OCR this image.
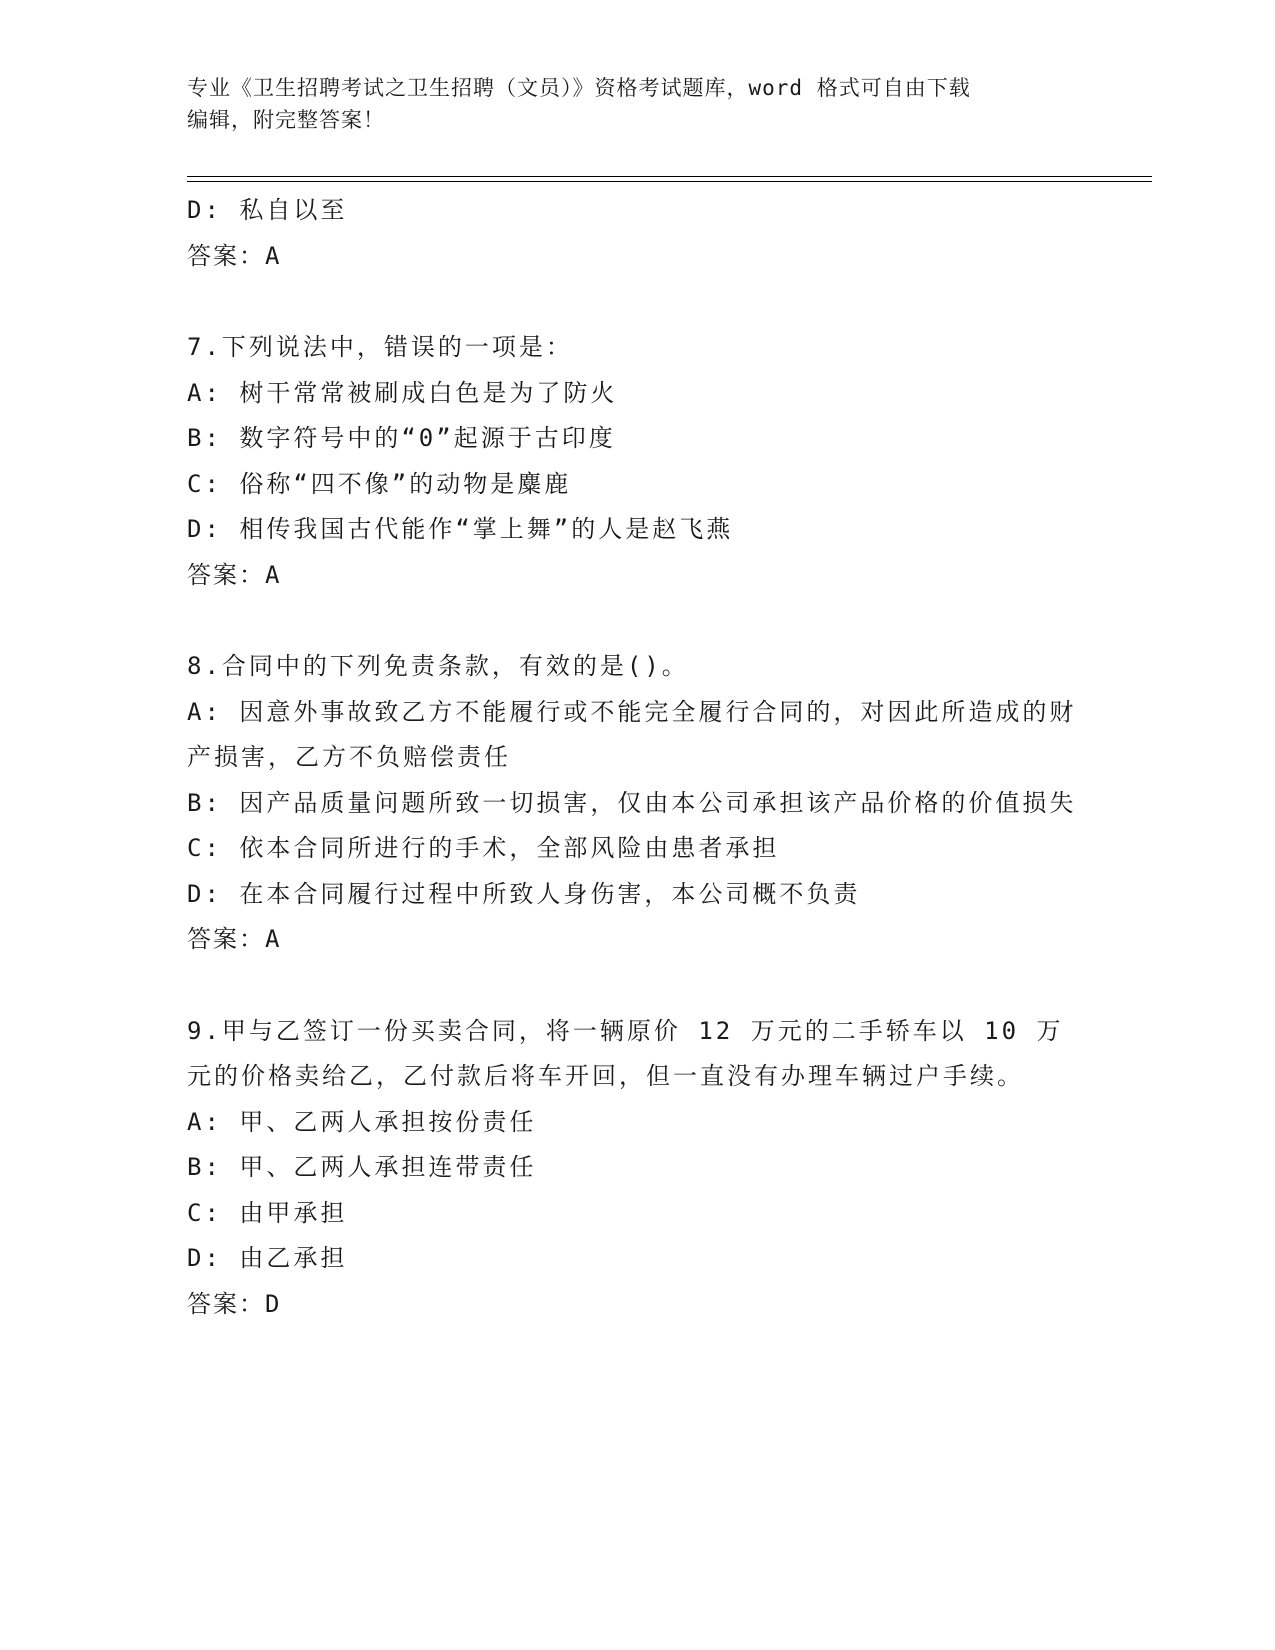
专业《卫生招聘考试之卫生招聘（文员）》资格考试题库，word 格式可自由下载
编辑，附完整答案！
D: 私自以至
答案：A
7.下列说法中，错误的一项是：
A: 树干常常被刷成白色是为了防火
B: 数字符号中的“0”起源于古印度
C: 俗称“四不像”的动物是麋鹿
D: 相传我国古代能作“掌上舞”的人是赵飞燕
答案：A
8.合同中的下列免责条款，有效的是()。
A: 因意外事故致乙方不能履行或不能完全履行合同的，对因此所造成的财产损害，乙方不负赔偿责任
B: 因产品质量问题所致一切损害，仅由本公司承担该产品价格的价值损失
C: 依本合同所进行的手术，全部风险由患者承担
D: 在本合同履行过程中所致人身伤害，本公司概不负责
答案：A
9.甲与乙签订一份买卖合同，将一辆原价 12 万元的二手轿车以 10 万元的价格卖给乙，乙付款后将车开回，但一直没有办理车辆过户手续。
A: 甲、乙两人承担按份责任
B: 甲、乙两人承担连带责任
C: 由甲承担
D: 由乙承担
答案：D
